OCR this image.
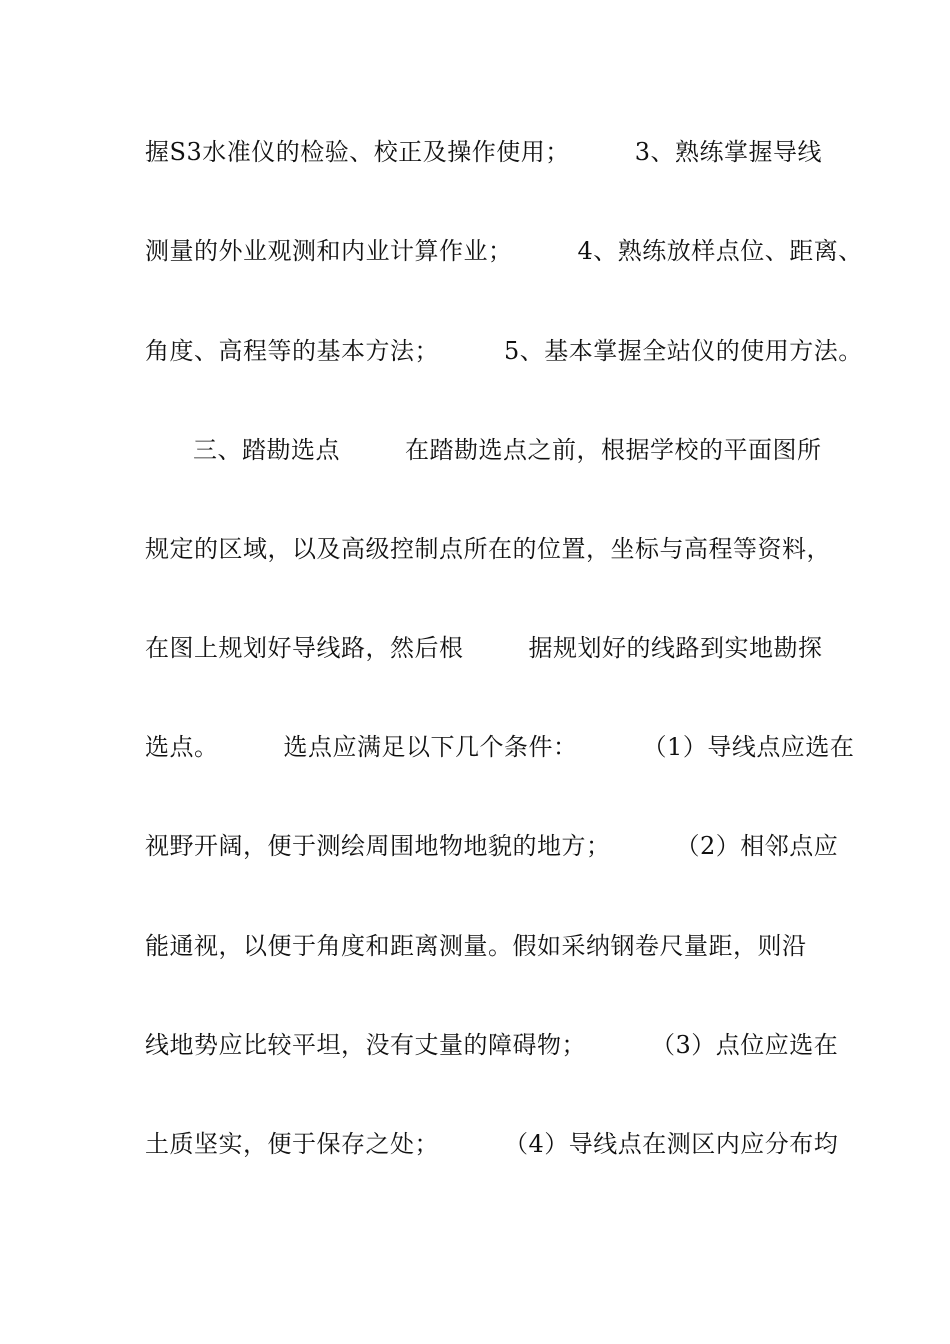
握S3水准仪的检验、校正及操作使用；        3、熟练掌握导线
测量的外业观测和内业计算作业；        4、熟练放样点位、距离、
角度、高程等的基本方法；        5、基本掌握全站仪的使用方法。
三、踏勘选点        在踏勘选点之前，根据学校的平面图所
规定的区域，以及高级控制点所在的位置，坐标与高程等资料，
在图上规划好导线路，然后根        据规划好的线路到实地勘探
选点。        选点应满足以下几个条件：        （1）导线点应选在
视野开阔，便于测绘周围地物地貌的地方；        （2）相邻点应
能通视，以便于角度和距离测量。假如采纳钢卷尺量距，则沿
线地势应比较平坦，没有丈量的障碍物；        （3）点位应选在
土质坚实，便于保存之处；        （4）导线点在测区内应分布均
